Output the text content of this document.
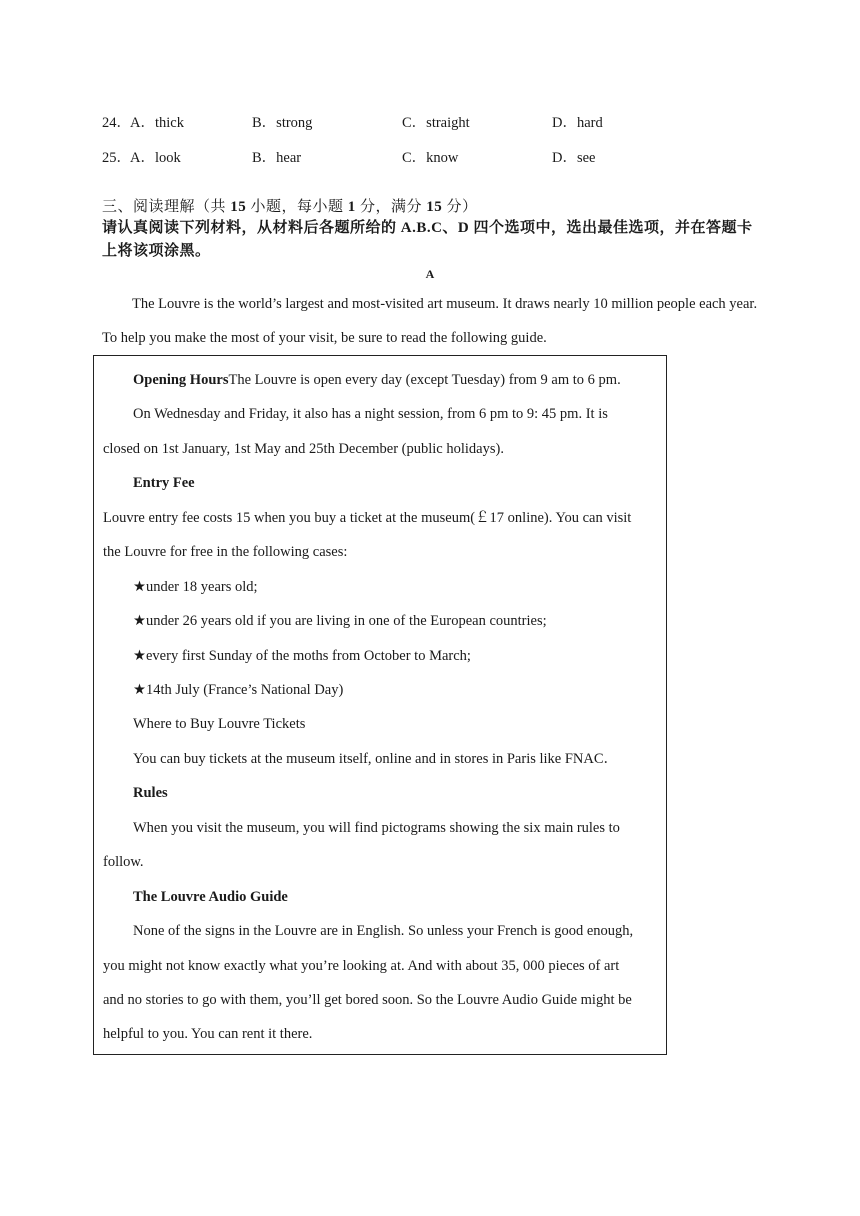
24． A．thick	B．strong	C．straight	D．hard
25． A．look	B．hear	C．know	D．see
三、阅读理解（共 15 小题，每小题 1 分，满分 15 分）
请认真阅读下列材料，从材料后各题所给的 A.B.C、D 四个选项中，选出最佳选项，并在答题卡上将该项涂黑。
A
The Louvre is the world’s largest and most-visited art museum. It draws nearly 10 million people each year. To help you make the most of your visit, be sure to read the following guide.
Opening HoursThe Louvre is open every day (except Tuesday) from 9 am to 6 pm.
On Wednesday and Friday, it also has a night session, from 6 pm to 9: 45 pm. It is
closed on 1st January, 1st May and 25th December (public holidays).
Entry Fee
Louvre entry fee costs 15 when you buy a ticket at the museum(￡17 online). You can visit
the Louvre for free in the following cases:
★under 18 years old;
★under 26 years old if you are living in one of the European countries;
★every first Sunday of the moths from October to March;
★14th July (France’s National Day)
Where to Buy Louvre Tickets
You can buy tickets at the museum itself, online and in stores in Paris like FNAC．
Rules
When you visit the museum, you will find pictograms showing the six main rules to
follow.
The Louvre Audio Guide
None of the signs in the Louvre are in English. So unless your French is good enough,
you might not know exactly what you’re looking at. And with about 35, 000 pieces of art
and no stories to go with them, you’ll get bored soon. So the Louvre Audio Guide might be
helpful to you. You can rent it there.
